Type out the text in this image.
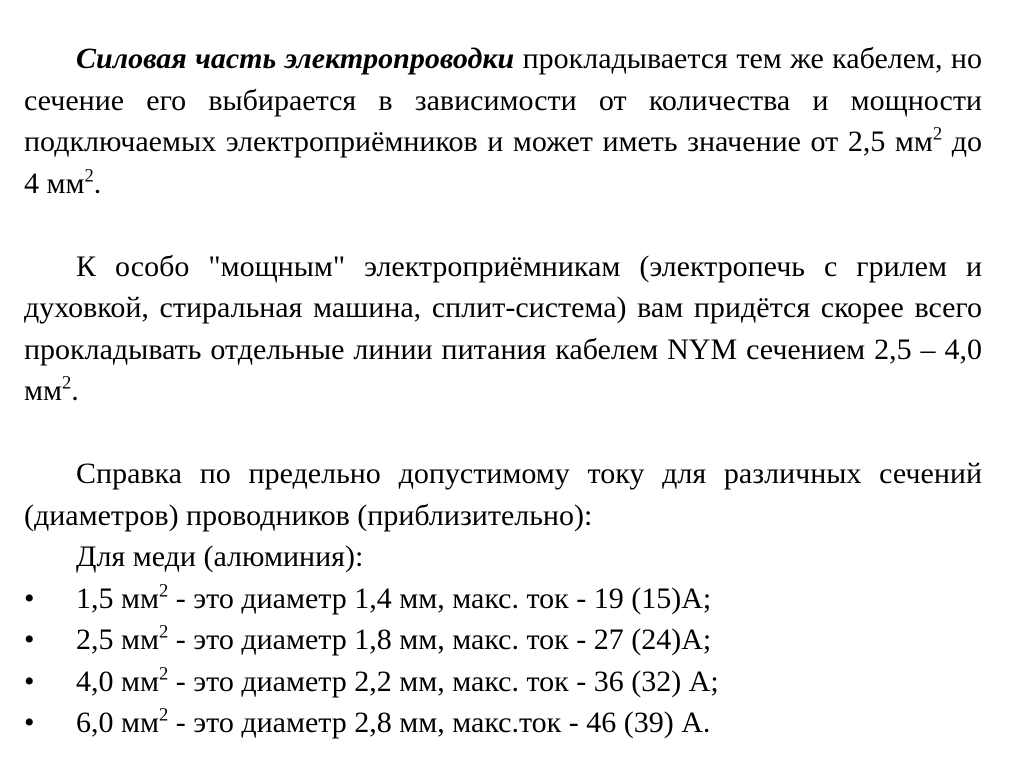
Силовая часть электропроводки прокладывается тем же кабелем, но сечение его выбирается в зависимости от количества и мощности подключаемых электроприёмников и может иметь значение от 2,5 $мм^2$ до 4 $мм^2$.

К особо "мощным" электроприёмникам (электропечь с грилем и духовкой, стиральная машина, сплит-система) вам придётся скорее всего прокладывать отдельные линии питания кабелем NYM сечением 2,5 – 4,0 $мм^2$.

Справка по предельно допустимому току для различных сечений (диаметров) проводников (приблизительно):

Для меди (алюминия):

•	1,5 $мм^2$ - это диаметр 1,4 мм, макс. ток - 19 (15)А;
•	2,5 $мм^2$ - это диаметр 1,8 мм, макс. ток - 27 (24)А;
•	4,0 $мм^2$ - это диаметр 2,2 мм, макс. ток - 36 (32) А;
•	6,0 $мм^2$ - это диаметр 2,8 мм, макс.ток - 46 (39) А.
